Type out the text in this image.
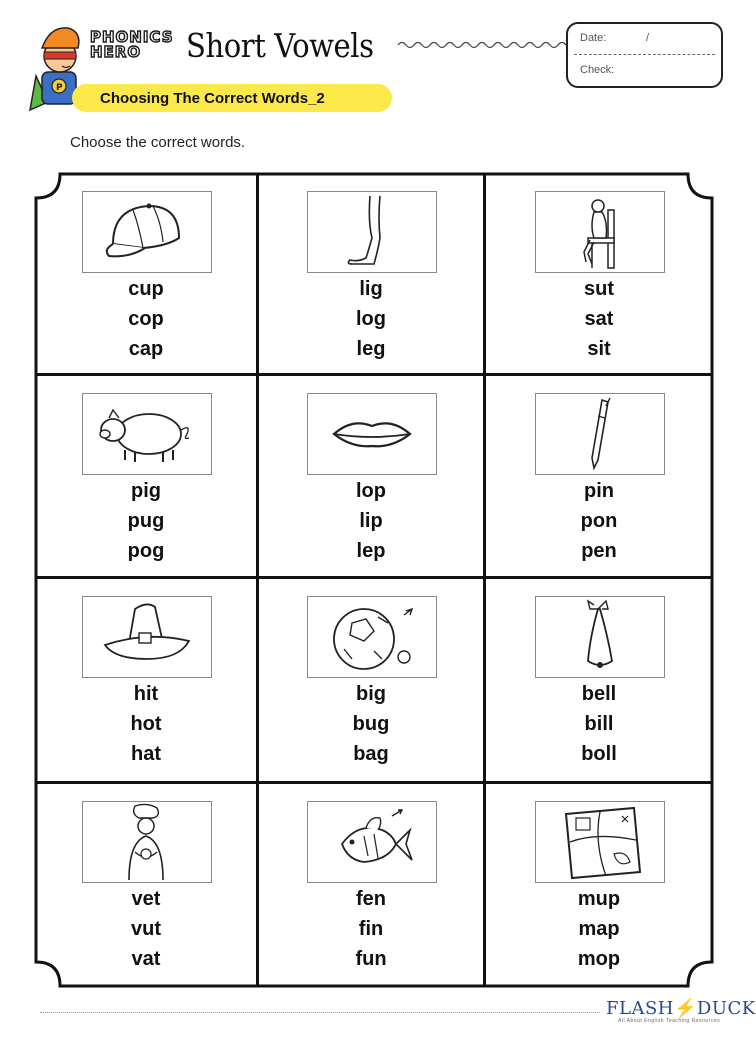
P
PHONICS
HERO	Short Vowels	Date:	/
Check:
Choosing The Correct Words_2
Choose the correct words.
cup
cop
cap
lig
log
leg
sut
sat
sit
pig
pug
pog
lop
lip
lep
pin
pon
pen
hit
hot
hat
big
bug
bag
bell
bill
boll
vet
vut
vat
fen
fin
fun
mup
map
mop
FLASH⚡DUCK
All About English Teaching Resources
